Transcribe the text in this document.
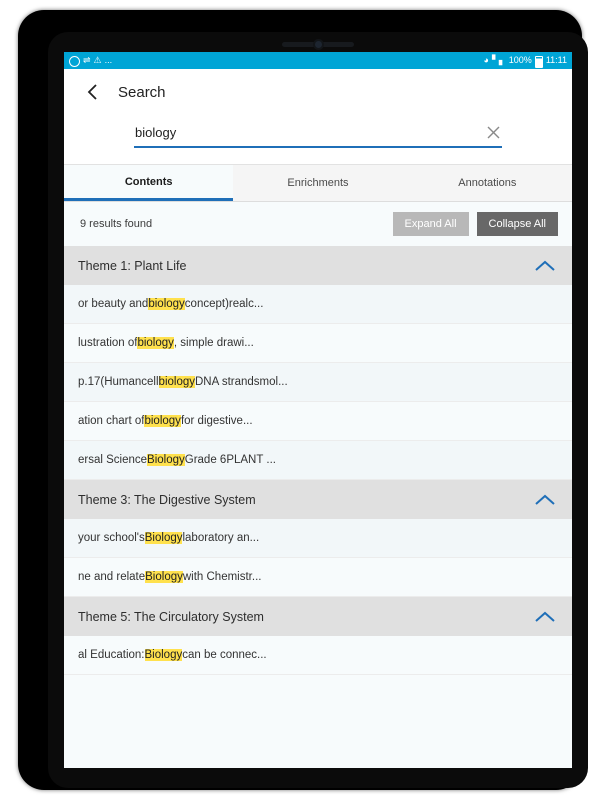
⇌ ⚠ ...	◕ ▘▖ 100% 11:11
Search
biology
Contents	Enrichments	Annotations
9 results found	Expand All	Collapse All
Theme 1: Plant Life
or beauty and biology concept)realc...
lustration of biology , simple drawi...
p.17(Humancell biology DNA strandsmol...
ation chart of biology for digestive...
ersal Science Biology Grade 6PLANT ...
Theme 3: The Digestive System
your school's Biology laboratory an...
ne and relate Biology with Chemistr...
Theme 5: The Circulatory System
al Education: Biology can be connec...
